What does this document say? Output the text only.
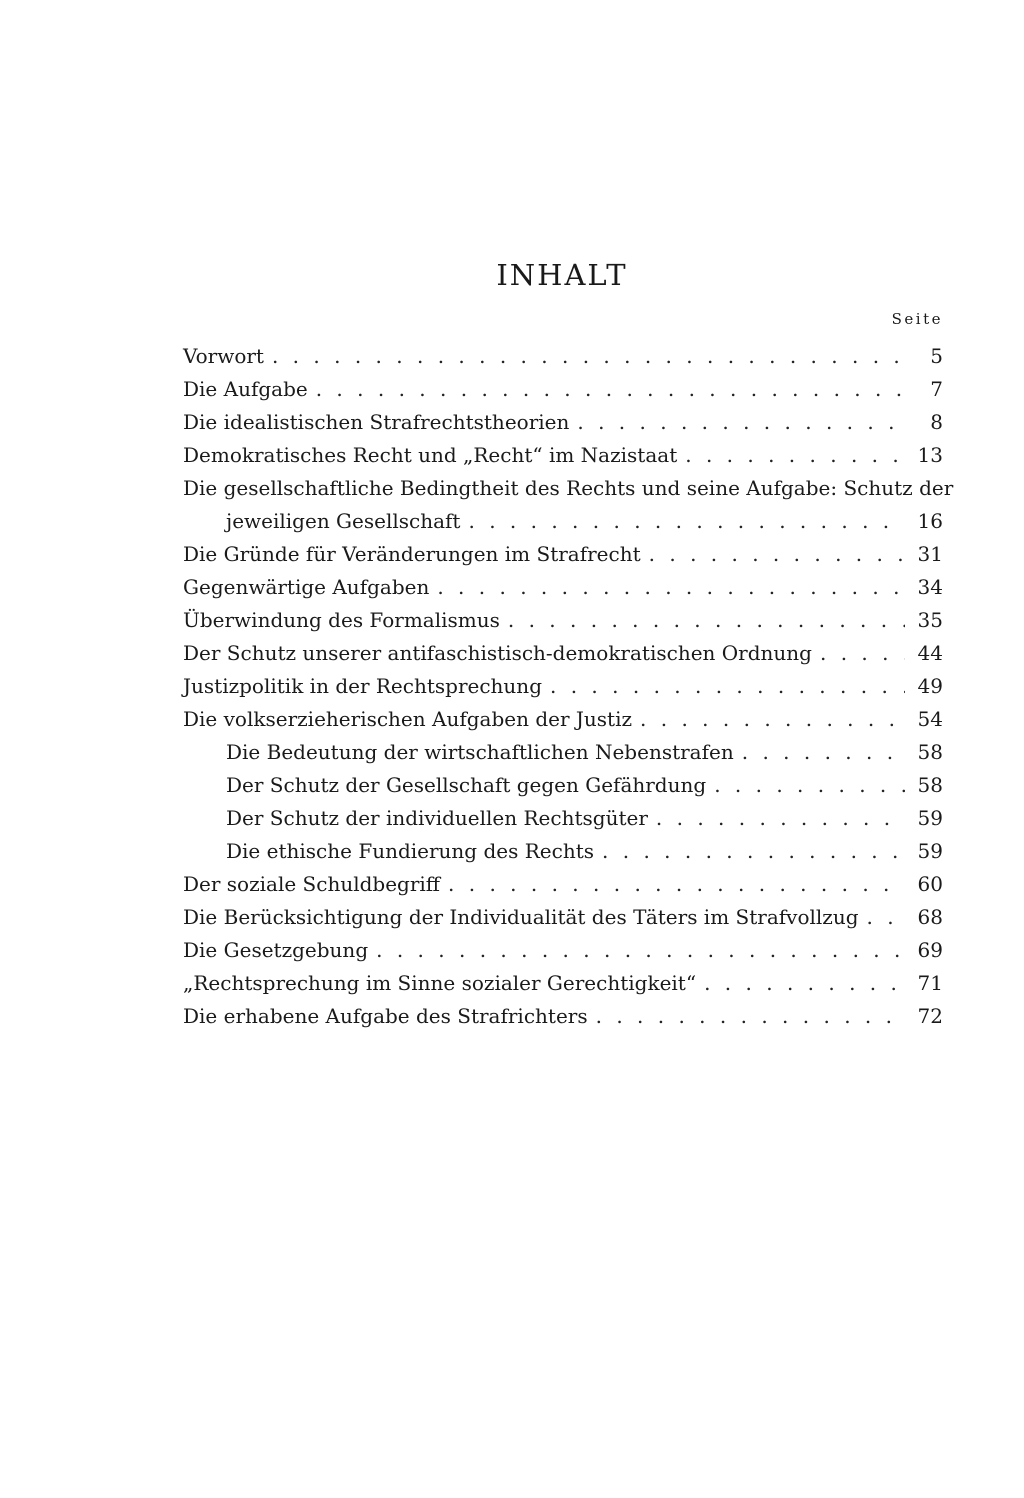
INHALT
Seite
Vorwort . . .	5
Die Aufgabe . . .	7
Die idealistischen Strafrechtstheorien . . .	8
Demokratisches Recht und „Recht“ im Nazistaat . . .	13
Die gesellschaftliche Bedingtheit des Rechts und seine Aufgabe: Schutz der
jeweiligen Gesellschaft . . .	16
Die Gründe für Veränderungen im Strafrecht . . .	31
Gegenwärtige Aufgaben . . .	34
Überwindung des Formalismus . . .	35
Der Schutz unserer antifaschistisch-demokratischen Ordnung . . .	44
Justizpolitik in der Rechtsprechung . . .	49
Die volkserzieherischen Aufgaben der Justiz . . .	54
Die Bedeutung der wirtschaftlichen Nebenstrafen . . .	58
Der Schutz der Gesellschaft gegen Gefährdung . . .	58
Der Schutz der individuellen Rechtsgüter . . .	59
Die ethische Fundierung des Rechts . . .	59
Der soziale Schuldbegriff . . .	60
Die Berücksichtigung der Individualität des Täters im Strafvollzug . . .	68
Die Gesetzgebung . . .	69
„Rechtsprechung im Sinne sozialer Gerechtigkeit“ . . .	71
Die erhabene Aufgabe des Strafrichters . . .	72
